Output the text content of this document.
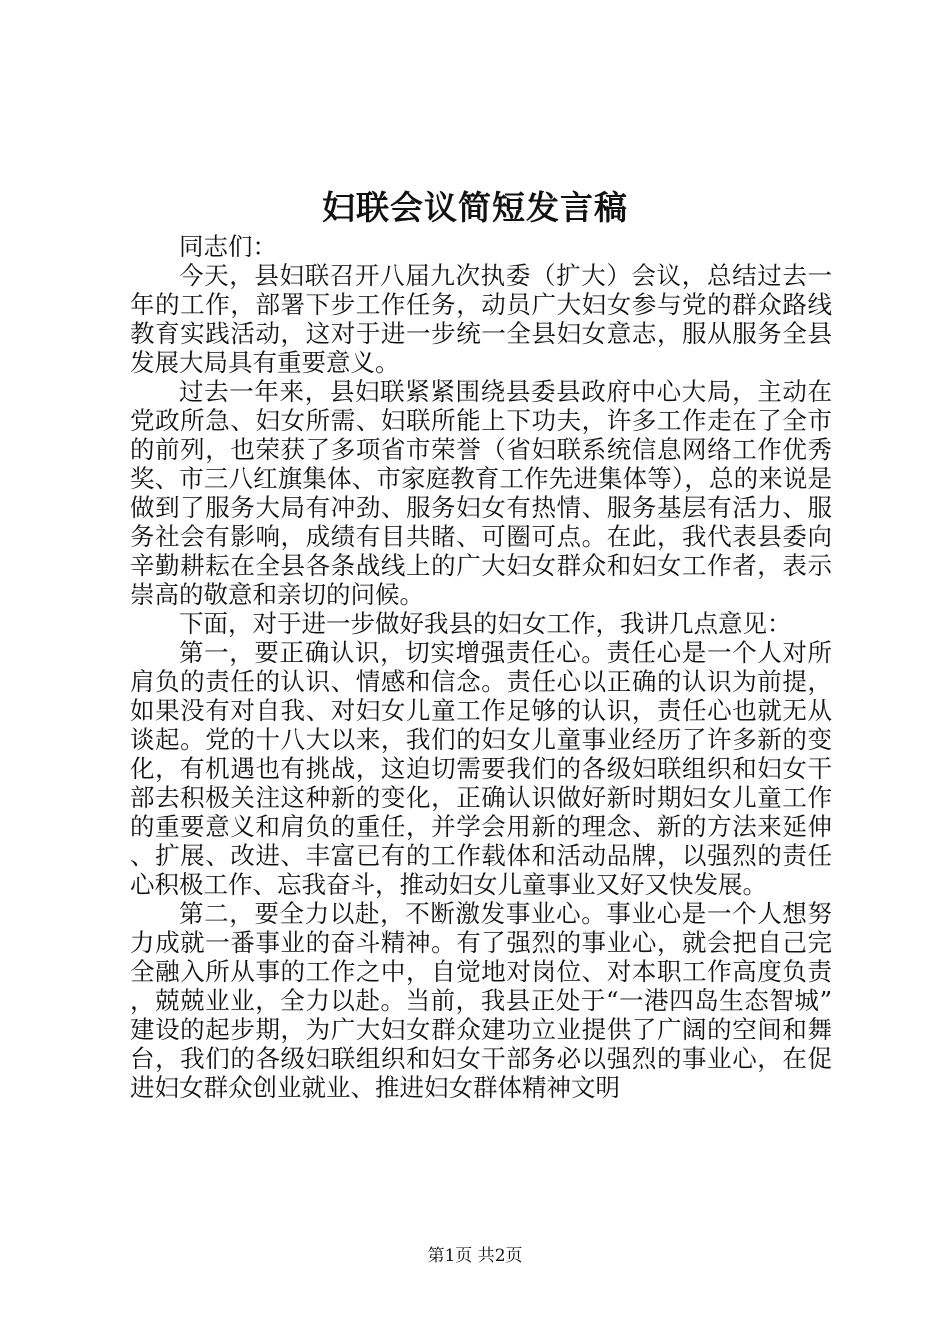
妇联会议简短发言稿

同志们：

今天，县妇联召开八届九次执委（扩大）会议，总结过去一年的工作，部署下步工作任务，动员广大妇女参与党的群众路线教育实践活动，这对于进一步统一全县妇女意志，服从服务全县发展大局具有重要意义。

过去一年来，县妇联紧紧围绕县委县政府中心大局，主动在党政所急、妇女所需、妇联所能上下功夫，许多工作走在了全市的前列，也荣获了多项省市荣誉（省妇联系统信息网络工作优秀奖、市三八红旗集体、市家庭教育工作先进集体等），总的来说是做到了服务大局有冲劲、服务妇女有热情、服务基层有活力、服务社会有影响，成绩有目共睹、可圈可点。在此，我代表县委向辛勤耕耘在全县各条战线上的广大妇女群众和妇女工作者，表示崇高的敬意和亲切的问候。

下面，对于进一步做好我县的妇女工作，我讲几点意见：

第一，要正确认识，切实增强责任心。责任心是一个人对所肩负的责任的认识、情感和信念。责任心以正确的认识为前提，如果没有对自我、对妇女儿童工作足够的认识，责任心也就无从谈起。党的十八大以来，我们的妇女儿童事业经历了许多新的变化，有机遇也有挑战，这迫切需要我们的各级妇联组织和妇女干部去积极关注这种新的变化，正确认识做好新时期妇女儿童工作的重要意义和肩负的重任，并学会用新的理念、新的方法来延伸、扩展、改进、丰富已有的工作载体和活动品牌，以强烈的责任心积极工作、忘我奋斗，推动妇女儿童事业又好又快发展。

第二，要全力以赴，不断激发事业心。事业心是一个人想努力成就一番事业的奋斗精神。有了强烈的事业心，就会把自己完全融入所从事的工作之中，自觉地对岗位、对本职工作高度负责，兢兢业业，全力以赴。当前，我县正处于“一港四岛生态智城”建设的起步期，为广大妇女群众建功立业提供了广阔的空间和舞台，我们的各级妇联组织和妇女干部务必以强烈的事业心，在促进妇女群众创业就业、推进妇女群体精神文明

第1页 共2页
